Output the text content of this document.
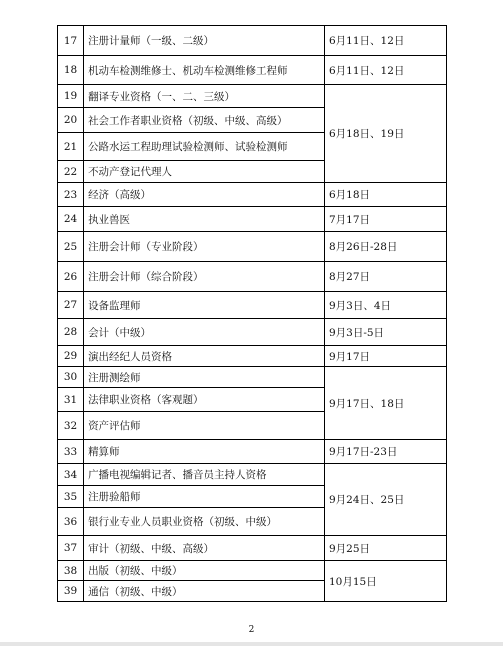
17	注册计量师（一级、二级）	6月11日、12日
18	机动车检测维修士、机动车检测维修工程师	6月11日、12日
19	翻译专业资格（一、二、三级）	6月18日、19日
20	社会工作者职业资格（初级、中级、高级）	
21	公路水运工程助理试验检测师、试验检测师	
22	不动产登记代理人	
23	经济（高级）	6月18日
24	执业兽医	7月17日
25	注册会计师（专业阶段）	8月26日-28日
26	注册会计师（综合阶段）	8月27日
27	设备监理师	9月3日、4日
28	会计（中级）	9月3日-5日
29	演出经纪人员资格	9月17日
30	注册测绘师	9月17日、18日
31	法律职业资格（客观题）	
32	资产评估师	
33	精算师	9月17日-23日
34	广播电视编辑记者、播音员主持人资格	9月24日、25日
35	注册验船师	
36	银行业专业人员职业资格（初级、中级）	
37	审计（初级、中级、高级）	9月25日
38	出版（初级、中级）	10月15日
39	通信（初级、中级）	
2
